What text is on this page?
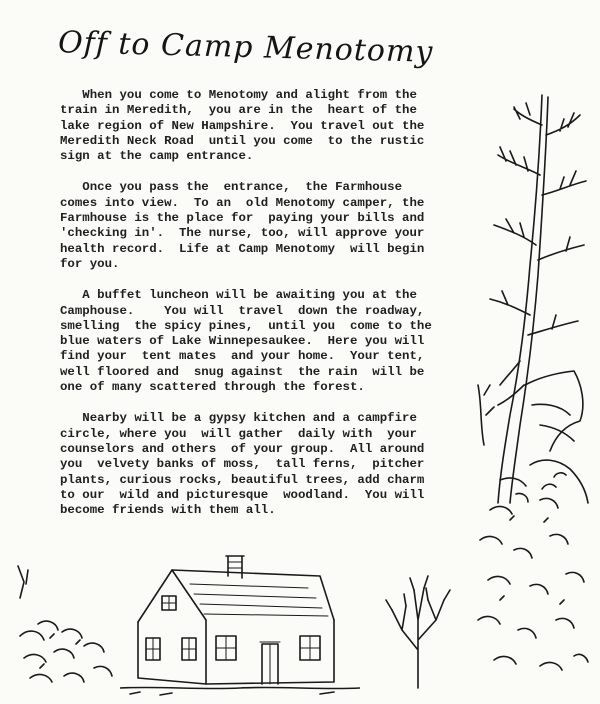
Off to Camp Menotomy

When you come to Menotomy and alight from the
train in Meredith,  you are in the  heart of the
lake region of New Hampshire.  You travel out the
Meredith Neck Road  until you come  to the rustic
sign at the camp entrance.

Once you pass the  entrance,  the Farmhouse
comes into view.  To an  old Menotomy camper, the
Farmhouse is the place for  paying your bills and
'checking in'.  The nurse, too, will approve your
health record.  Life at Camp Menotomy  will begin
for you.

A buffet luncheon will be awaiting you at the
Camphouse.    You will  travel  down the roadway,
smelling  the spicy pines,  until you  come to the
blue waters of Lake Winnepesaukee.  Here you will
find your  tent mates  and your home.  Your tent,
well floored and  snug against  the rain  will be
one of many scattered through the forest.

Nearby will be a gypsy kitchen and a campfire
circle, where you  will gather  daily with  your
counselors and others  of your group.  All around
you  velvety banks of moss,  tall ferns,  pitcher
plants, curious rocks, beautiful trees, add charm
to our  wild and picturesque  woodland.  You will
become friends with them all.
